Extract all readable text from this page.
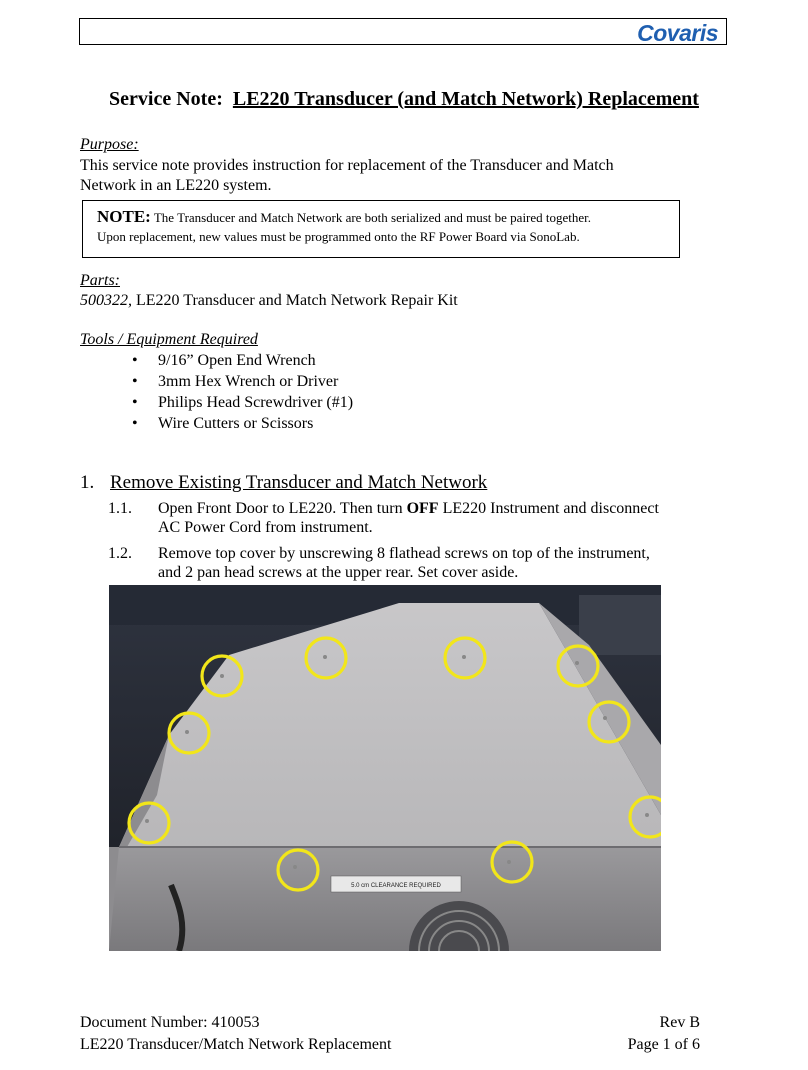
Covaris
Service Note: LE220 Transducer (and Match Network) Replacement
Purpose:
This service note provides instruction for replacement of the Transducer and Match
Network in an LE220 system.
NOTE: The Transducer and Match Network are both serialized and must be paired together.
Upon replacement, new values must be programmed onto the RF Power Board via SonoLab.
Parts:
500322, LE220 Transducer and Match Network Repair Kit
Tools / Equipment Required
• 9/16” Open End Wrench
• 3mm Hex Wrench or Driver
• Philips Head Screwdriver (#1)
• Wire Cutters or Scissors
1. Remove Existing Transducer and Match Network
1.1. Open Front Door to LE220. Then turn OFF LE220 Instrument and disconnect
AC Power Cord from instrument.
1.2. Remove top cover by unscrewing 8 flathead screws on top of the instrument,
and 2 pan head screws at the upper rear. Set cover aside.
5.0 cm CLEARANCE REQUIRED
Document Number: 410053
LE220 Transducer/Match Network Replacement
Rev B
Page 1 of 6
